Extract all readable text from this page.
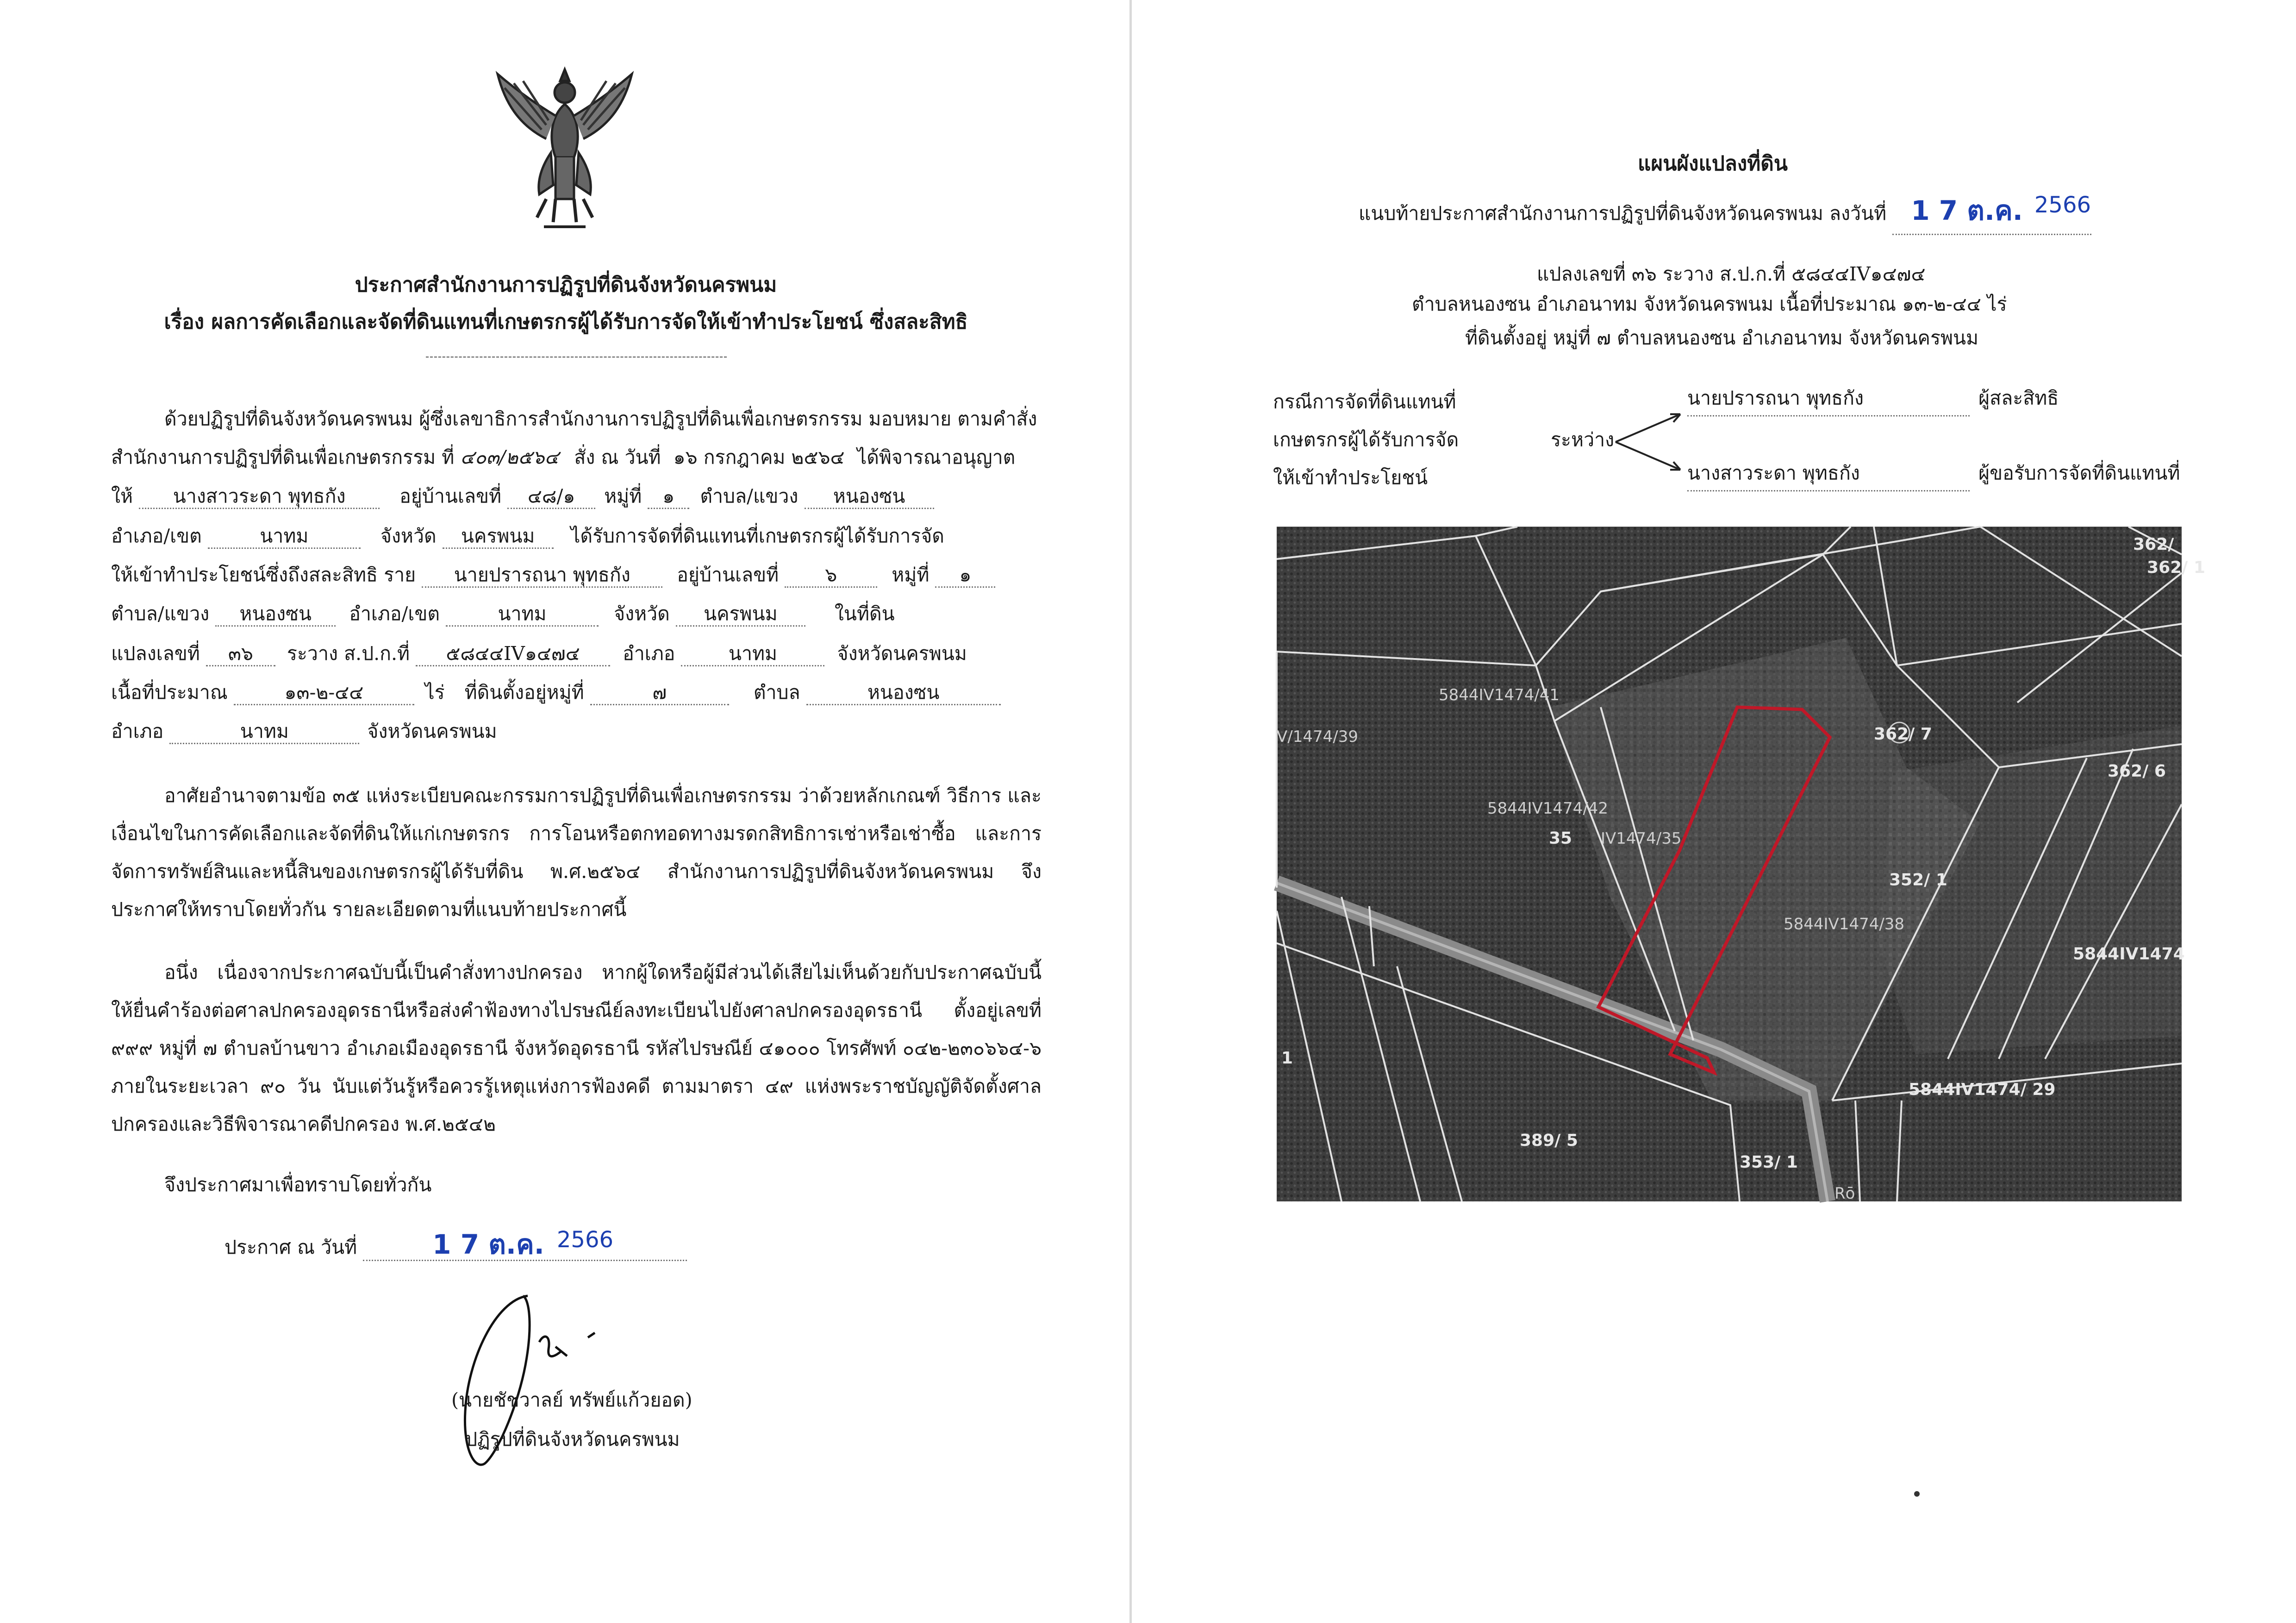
ประกาศสำนักงานการปฏิรูปที่ดินจังหวัดนครพนม
เรื่อง ผลการคัดเลือกและจัดที่ดินแทนที่เกษตรกรผู้ได้รับการจัดให้เข้าทำประโยชน์ ซึ่งสละสิทธิ
ด้วยปฏิรูปที่ดินจังหวัดนครพนม ผู้ซึ่งเลขาธิการสำนักงานการปฏิรูปที่ดินเพื่อเกษตรกรรม มอบหมาย ตามคำสั่ง
สำนักงานการปฏิรูปที่ดินเพื่อเกษตรกรรม ที่ ๔๐๓/๒๕๖๔ สั่ง ณ วันที่ ๑๖ กรกฎาคม ๒๕๖๔ ได้พิจารณาอนุญาต
ให้ นางสาวระดา พุทธกัง	อยู่บ้านเลขที่ ๔๘/๑ หมู่ที่ ๑ ตำบล/แขวง หนองซน
อำเภอ/เขต	นาทม	จังหวัด นครพนม ได้รับการจัดที่ดินแทนที่เกษตรกรผู้ได้รับการจัด
ให้เข้าทำประโยชน์ซึ่งถึงสละสิทธิ ราย นายปรารถนา พุทธกัง อยู่บ้านเลขที่ ๖	หมู่ที่ ๑
ตำบล/แขวง หนองซน อำเภอ/เขต	นาทม	จังหวัด นครพนม	ในที่ดิน
แปลงเลขที่ ๓๖ ระวาง ส.ป.ก.ที่ ๕๘๔๔IV๑๔๗๔ อำเภอ	นาทม	จังหวัดนครพนม
เนื้อที่ประมาณ	๑๓-๒-๔๔	ไร่ ที่ดินตั้งอยู่หมู่ที่	๗	ตำบล	หนองซน
อำเภอ	นาทม	จังหวัดนครพนม
อาศัยอำนาจตามข้อ ๓๕ แห่งระเบียบคณะกรรมการปฏิรูปที่ดินเพื่อเกษตรกรรม ว่าด้วยหลักเกณฑ์ วิธีการ และเงื่อนไขในการคัดเลือกและจัดที่ดินให้แก่เกษตรกร การโอนหรือตกทอดทางมรดกสิทธิการเช่าหรือเช่าซื้อ และการจัดการทรัพย์สินและหนี้สินของเกษตรกรผู้ได้รับที่ดิน พ.ศ.๒๕๖๔ สำนักงานการปฏิรูปที่ดินจังหวัดนครพนม จึงประกาศให้ทราบโดยทั่วกัน รายละเอียดตามที่แนบท้ายประกาศนี้
อนึ่ง เนื่องจากประกาศฉบับนี้เป็นคำสั่งทางปกครอง หากผู้ใดหรือผู้มีส่วนได้เสียไม่เห็นด้วยกับประกาศฉบับนี้ ให้ยื่นคำร้องต่อศาลปกครองอุดรธานีหรือส่งคำฟ้องทางไปรษณีย์ลงทะเบียนไปยังศาลปกครองอุดรธานี ตั้งอยู่เลขที่ ๙๙๙ หมู่ที่ ๗ ตำบลบ้านขาว อำเภอเมืองอุดรธานี จังหวัดอุดรธานี รหัสไปรษณีย์ ๔๑๐๐๐ โทรศัพท์ ๐๔๒-๒๓๐๖๖๔-๖ ภายในระยะเวลา ๙๐ วัน นับแต่วันรู้หรือควรรู้เหตุแห่งการฟ้องคดี ตามมาตรา ๔๙ แห่งพระราชบัญญัติจัดตั้งศาลปกครองและวิธีพิจารณาคดีปกครอง พ.ศ.๒๕๔๒
จึงประกาศมาเพื่อทราบโดยทั่วกัน
ประกาศ ณ วันที่	1 7 ต.ค. 2566
(นายชัชวาลย์ ทรัพย์แก้วยอด)
ปฏิรูปที่ดินจังหวัดนครพนม
แผนผังแปลงที่ดิน
แนบท้ายประกาศสำนักงานการปฏิรูปที่ดินจังหวัดนครพนม ลงวันที่ 1 7 ต.ค. 2566
แปลงเลขที่ ๓๖ ระวาง ส.ป.ก.ที่ ๕๘๔๔IV๑๔๗๔
ตำบลหนองซน อำเภอนาทม จังหวัดนครพนม เนื้อที่ประมาณ ๑๓-๒-๔๔ ไร่
ที่ดินตั้งอยู่ หมู่ที่ ๗ ตำบลหนองซน อำเภอนาทม จังหวัดนครพนม
กรณีการจัดที่ดินแทนที่
เกษตรกรผู้ได้รับการจัด
ให้เข้าทำประโยชน์
ระหว่าง
นายปรารถนา พุทธกัง	ผู้สละสิทธิ
นางสาวระดา พุทธกัง	ผู้ขอรับการจัดที่ดินแทนที่
5844IV1474/41
V/1474/39
5844IV1474/42
35 IV1474/35
362/ 7
362/ 6
352/ 1
5844IV1474/38
5844IV1474
5844IV1474/ 29
389/ 5
353/ 1
362/
362/ 1
Rō
1
